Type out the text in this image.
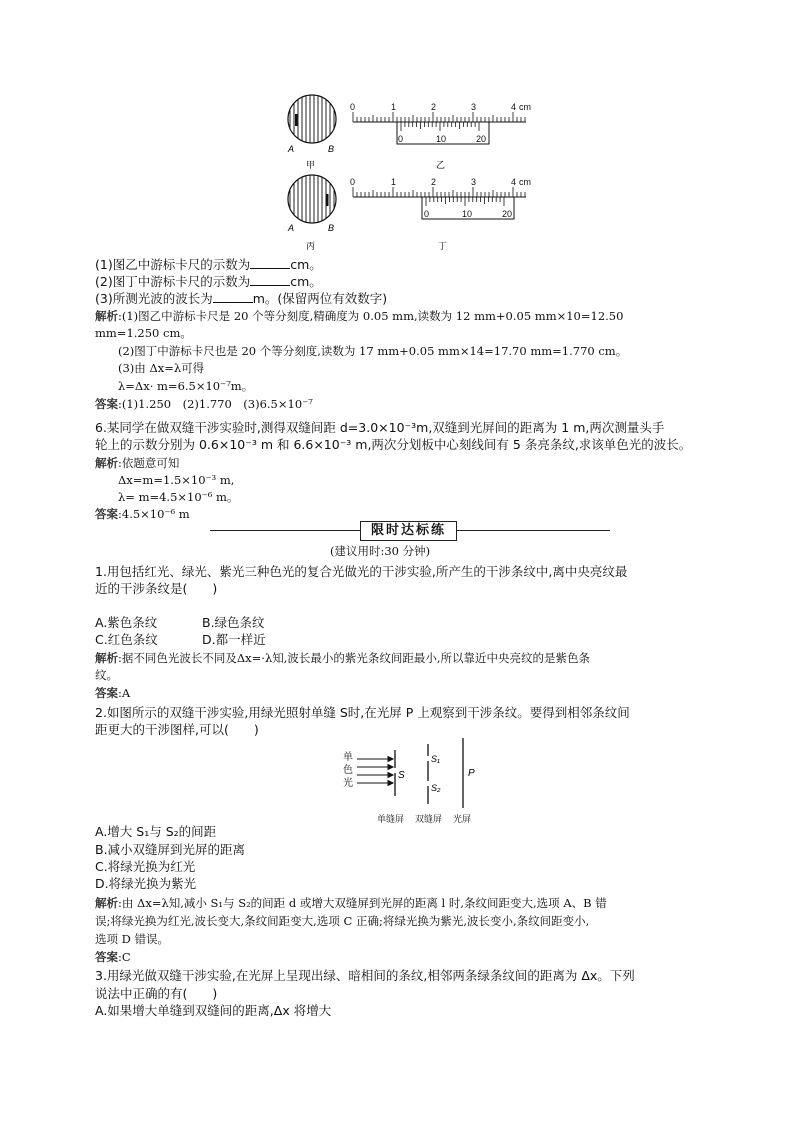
A	B
A	B
甲
丙
乙
丁
0	1	2	3	4 cm
0	10	20
0	1	2	3	4 cm
0	10	20
(1)图乙中游标卡尺的示数为	cm。
(2)图丁中游标卡尺的示数为	cm。
(3)所测光波的波长为	m。(保留两位有效数字)
解析:(1)图乙中游标卡尺是 20 个等分刻度,精确度为 0.05 mm,读数为 12 mm+0.05 mm×10=12.50
mm=1.250 cm。
(2)图丁中游标卡尺也是 20 个等分刻度,读数为 17 mm+0.05 mm×14=17.70 mm=1.770 cm。
(3)由 Δx=λ可得
λ=Δx· m=6.5×10⁻⁷m。
答案:(1)1.250　(2)1.770　(3)6.5×10⁻⁷
6.某同学在做双缝干涉实验时,测得双缝间距 d=3.0×10⁻³m,双缝到光屏间的距离为 1 m,两次测量头手
轮上的示数分别为 0.6×10⁻³ m 和 6.6×10⁻³ m,两次分划板中心刻线间有 5 条亮条纹,求该单色光的波长。
解析:依题意可知
Δx=m=1.5×10⁻³ m,
λ= m=4.5×10⁻⁶ m。
答案:4.5×10⁻⁶ m
限时达标练
(建议用时:30 分钟)
1.用包括红光、绿光、紫光三种色光的复合光做光的干涉实验,所产生的干涉条纹中,离中央亮纹最
近的干涉条纹是(　　)
A.紫色条纹	B.绿色条纹
C.红色条纹	D.都一样近
解析:据不同色光波长不同及Δx=·λ知,波长最小的紫光条纹间距最小,所以靠近中央亮纹的是紫色条
纹。
答案:A
2.如图所示的双缝干涉实验,用绿光照射单缝 S时,在光屏 P 上观察到干涉条纹。要得到相邻条纹间
距更大的干涉图样,可以(　　)
单
色
光
S
S₁
S₂
P
单缝屏 双缝屏 光屏
A.增大 S₁与 S₂的间距
B.减小双缝屏到光屏的距离
C.将绿光换为红光
D.将绿光换为紫光
解析:由 Δx=λ知,减小 S₁与 S₂的间距 d 或增大双缝屏到光屏的距离 l 时,条纹间距变大,选项 A、B 错
误;将绿光换为红光,波长变大,条纹间距变大,选项 C 正确;将绿光换为紫光,波长变小,条纹间距变小,
选项 D 错误。
答案:C
3.用绿光做双缝干涉实验,在光屏上呈现出绿、暗相间的条纹,相邻两条绿条纹间的距离为 Δx。下列
说法中正确的有(　　)
A.如果增大单缝到双缝间的距离,Δx 将增大
